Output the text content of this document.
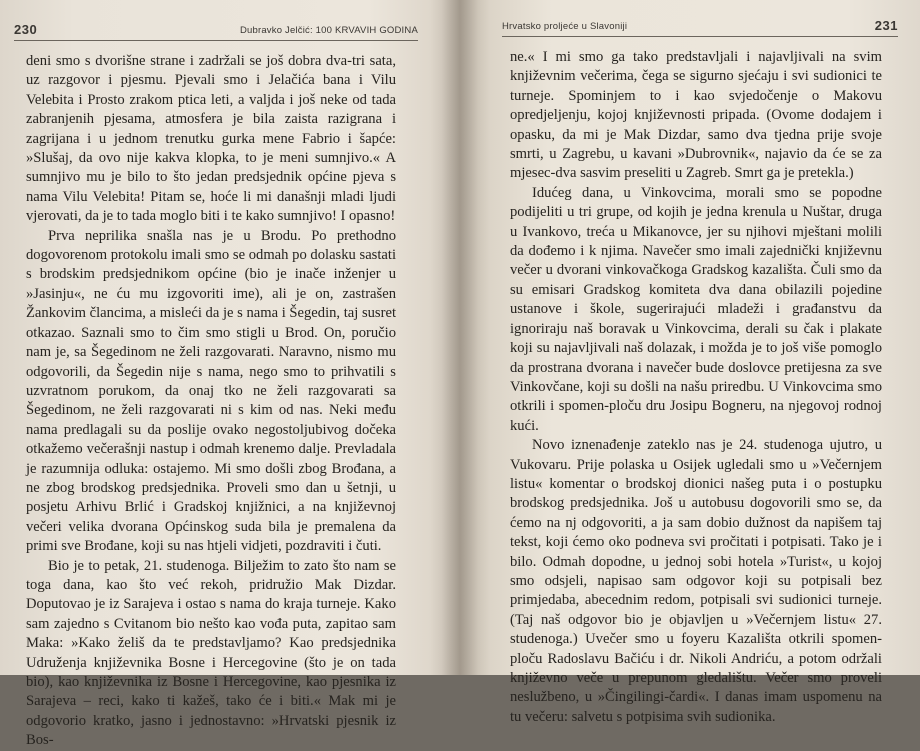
230	Dubravko Jelčić: 100 KRVAVIH GODINA

deni smo s dvorišne strane i zadržali se još dobra dva-tri sata, uz razgovor i pjesmu. Pjevali smo i Jelačića bana i Vilu Velebita i Prosto zrakom ptica leti, a valjda i još neke od tada zabranjenih pjesama, atmosfera je bila zaista razigrana i zagrijana i u jednom trenutku gurka mene Fabrio i šapće: »Slušaj, da ovo nije kakva klopka, to je meni sumnjivo.« A sumnjivo mu je bilo to što jedan predsjednik općine pjeva s nama Vilu Velebita! Pitam se, hoće li mi današnji mladi ljudi vjerovati, da je to tada moglo biti i te kako sumnjivo! I opasno!

Prva neprilika snašla nas je u Brodu. Po prethodno dogovorenom protokolu imali smo se odmah po dolasku sastati s brodskim predsjednikom općine (bio je inače inženjer u »Jasinju«, ne ću mu izgovoriti ime), ali je on, zastrašen Žankovim člancima, a misleći da je s nama i Šegedin, taj susret otkazao. Saznali smo to čim smo stigli u Brod. On, poručio nam je, sa Šegedinom ne želi razgovarati. Naravno, nismo mu odgovorili, da Šegedin nije s nama, nego smo to prihvatili s uzvratnom porukom, da onaj tko ne želi razgovarati sa Šegedinom, ne želi razgovarati ni s kim od nas. Neki među nama predlagali su da poslije ovako negostoljubivog dočeka otkažemo večerašnji nastup i odmah krenemo dalje. Prevladala je razumnija odluka: ostajemo. Mi smo došli zbog Brođana, a ne zbog brodskog predsjednika. Proveli smo dan u šetnji, u posjetu Arhivu Brlić i Gradskoj knjižnici, a na književnoj večeri velika dvorana Općinskog suda bila je premalena da primi sve Brođane, koji su nas htjeli vidjeti, pozdraviti i čuti.

Bio je to petak, 21. studenoga. Bilježim to zato što nam se toga dana, kao što već rekoh, pridružio Mak Dizdar. Doputovao je iz Sarajeva i ostao s nama do kraja turneje. Kako sam zajedno s Cvitanom bio nešto kao vođa puta, zapitao sam Maka: »Kako želiš da te predstavljamo? Kao predsjednika Udruženja književnika Bosne i Hercegovine (što je on tada bio), kao književnika iz Bosne i Hercegovine, kao pjesnika iz Sarajeva – reci, kako ti kažeš, tako će i biti.« Mak mi je odgovorio kratko, jasno i jednostavno: »Hrvatski pjesnik iz Bos-

Hrvatsko proljeće u Slavoniji	231

ne.« I mi smo ga tako predstavljali i najavljivali na svim književnim večerima, čega se sigurno sjećaju i svi sudionici te turneje. Spominjem to i kao svjedočenje o Makovu opredjeljenju, kojoj književnosti pripada. (Ovome dodajem i opasku, da mi je Mak Dizdar, samo dva tjedna prije svoje smrti, u Zagrebu, u kavani »Dubrovnik«, najavio da će se za mjesec-dva sasvim preseliti u Zagreb. Smrt ga je pretekla.)

Idućeg dana, u Vinkovcima, morali smo se popodne podijeliti u tri grupe, od kojih je jedna krenula u Nuštar, druga u Ivankovo, treća u Mikanovce, jer su njihovi mještani molili da dođemo i k njima. Navečer smo imali zajednički književnu večer u dvorani vinkovačkoga Gradskog kazališta. Čuli smo da su emisari Gradskog komiteta dva dana obilazili pojedine ustanove i škole, sugerirajući mladeži i građanstvu da ignoriraju naš boravak u Vinkovcima, derali su čak i plakate koji su najavljivali naš dolazak, i možda je to još više pomoglo da prostrana dvorana i navečer bude doslovce pretijesna za sve Vinkovčane, koji su došli na našu priredbu. U Vinkovcima smo otkrili i spomen-ploču dru Josipu Bogneru, na njegovoj rodnoj kući.

Novo iznenađenje zateklo nas je 24. studenoga ujutro, u Vukovaru. Prije polaska u Osijek ugledali smo u »Večernjem listu« komentar o brodskoj dionici našeg puta i o postupku brodskog predsjednika. Još u autobusu dogovorili smo se, da ćemo na nj odgovoriti, a ja sam dobio dužnost da napišem taj tekst, koji ćemo oko podneva svi pročitati i potpisati. Tako je i bilo. Odmah dopodne, u jednoj sobi hotela »Turist«, u kojoj smo odsjeli, napisao sam odgovor koji su potpisali bez primjedaba, abecednim redom, potpisali svi sudionici turneje. (Taj naš odgovor bio je objavljen u »Večernjem listu« 27. studenoga.) Uvečer smo u foyeru Kazališta otkrili spomen-ploču Radoslavu Bačiću i dr. Nikoli Andriću, a potom održali književno veče u prepunom gledalištu. Večer smo proveli neslužbeno, u »Čingilingi-čardi«. I danas imam uspomenu na tu večeru: salvetu s potpisima svih sudionika.
